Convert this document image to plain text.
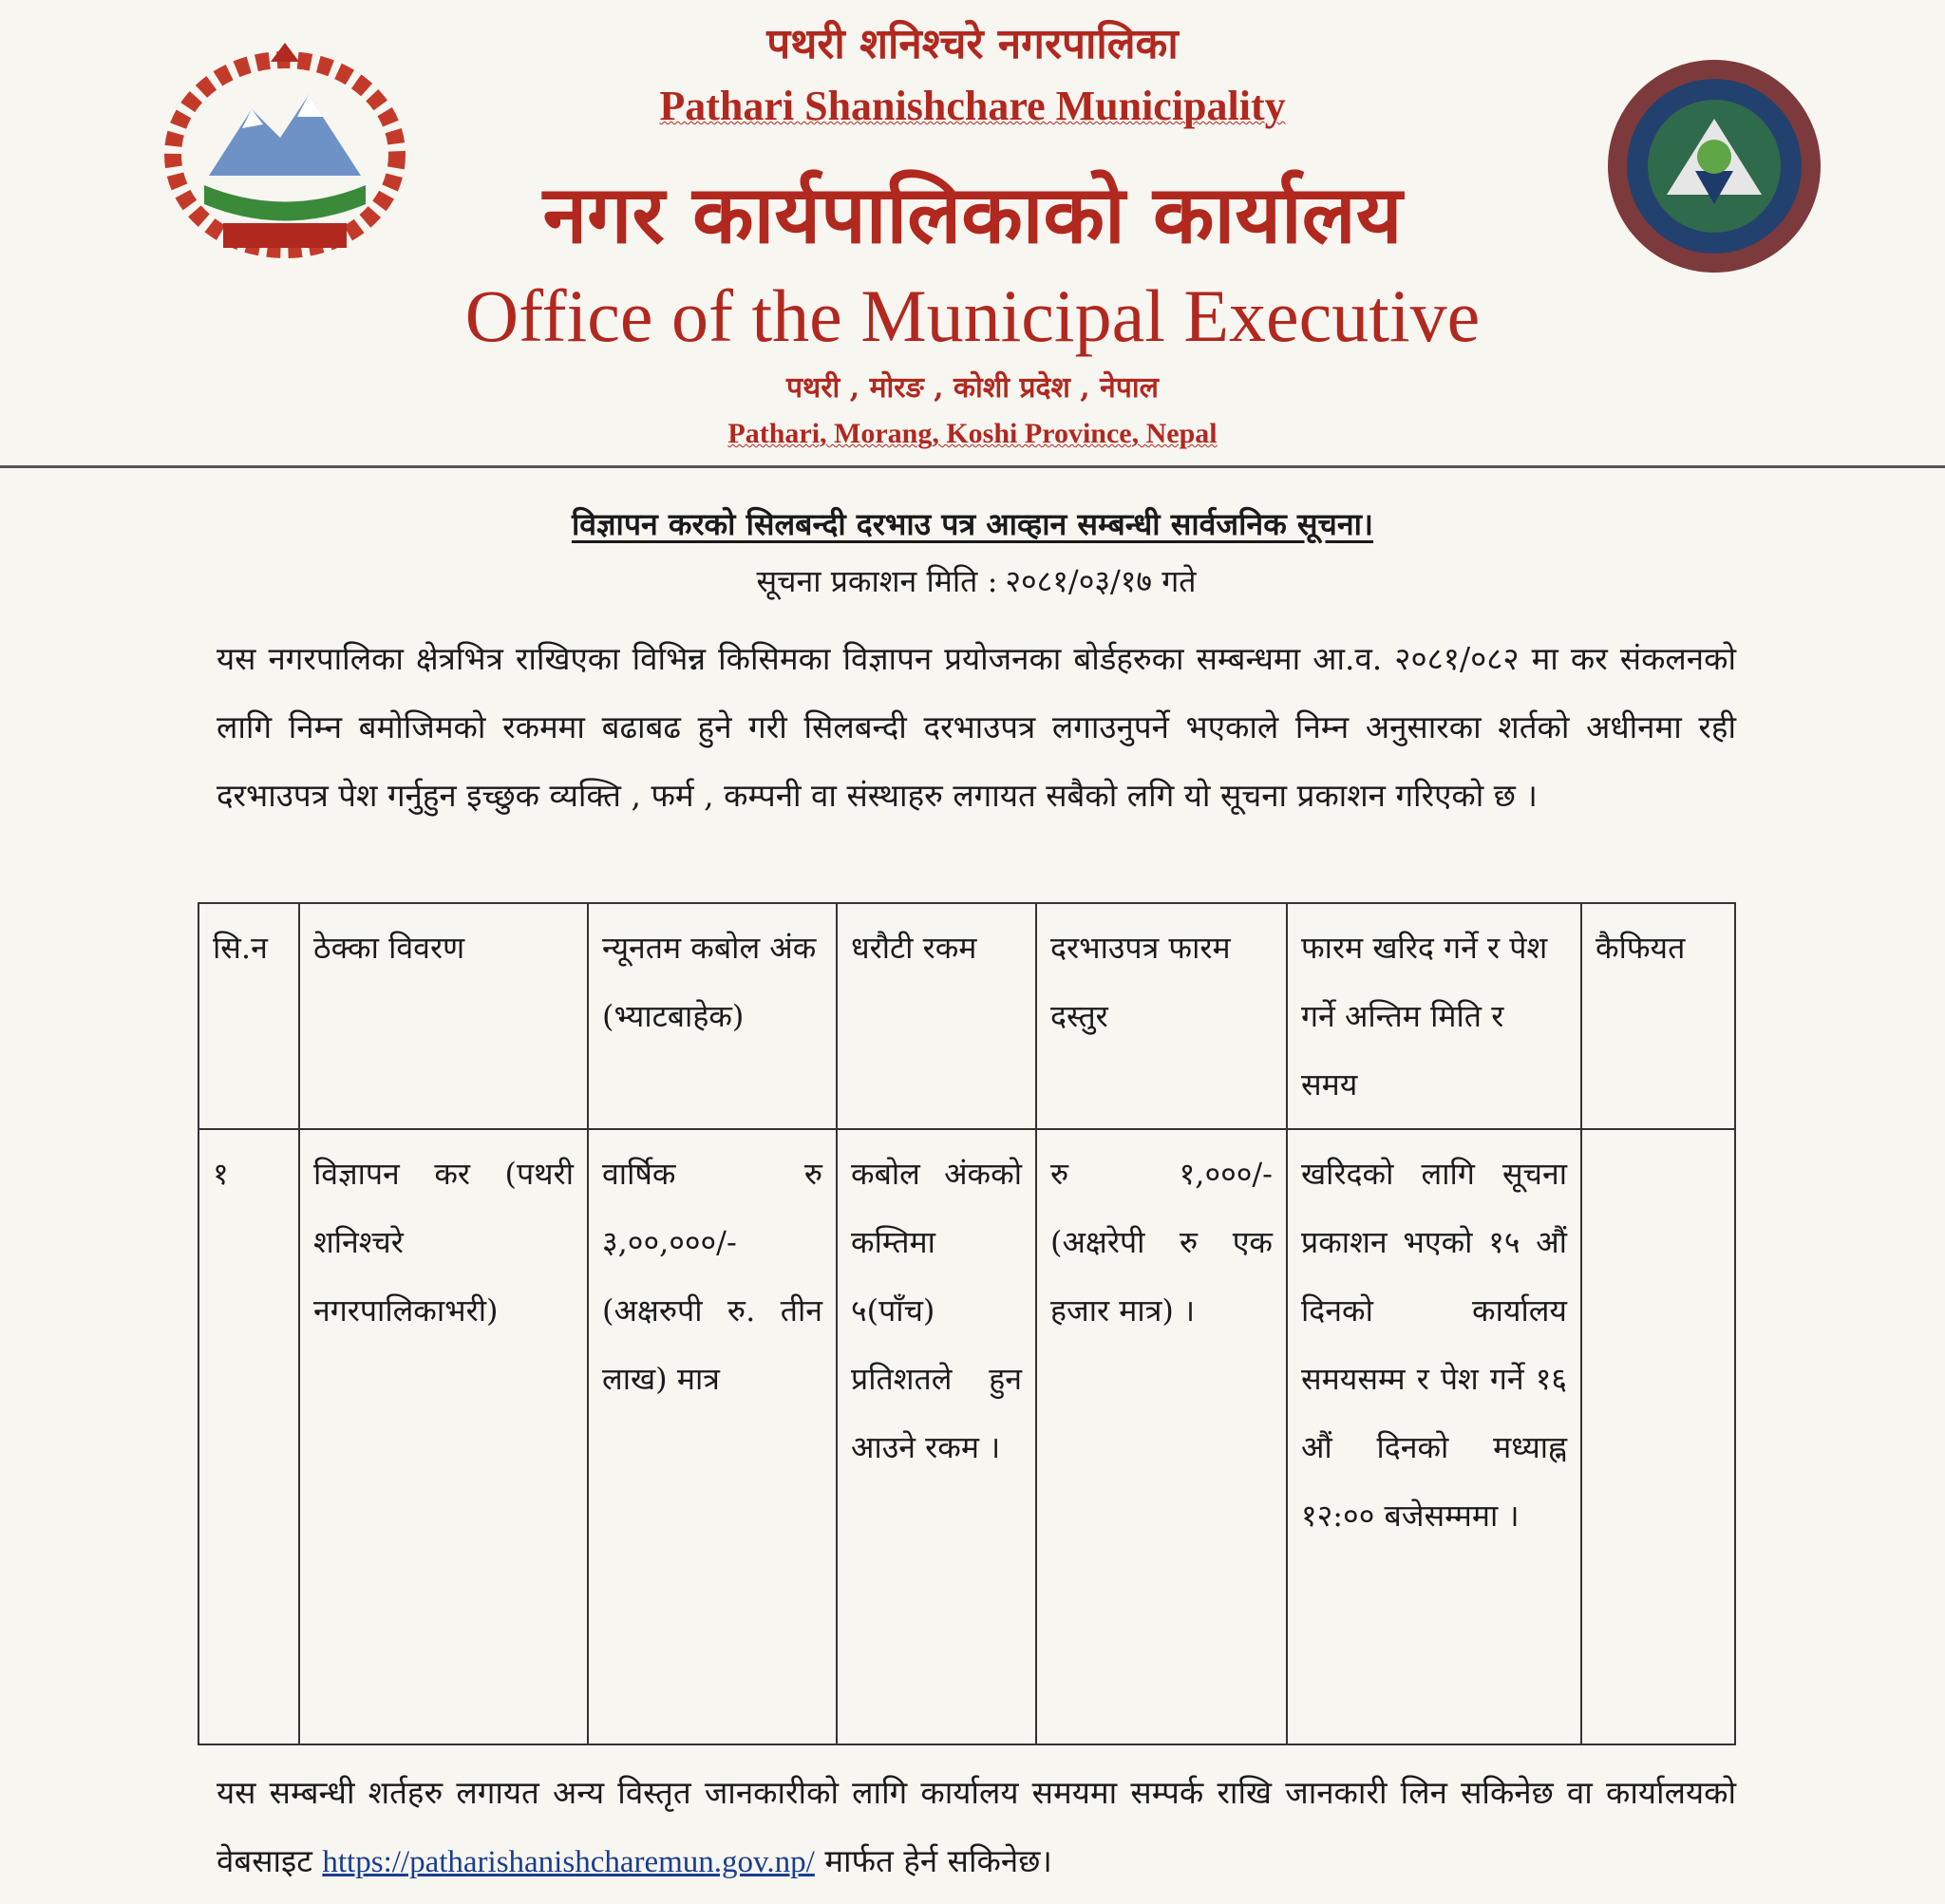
पथरी शनिश्चरे नगरपालिका
Pathari Shanishchare Municipality
नगर कार्यपालिकाको कार्यालय
Office of the Municipal Executive
पथरी , मोरङ , कोशी प्रदेश , नेपाल
Pathari, Morang, Koshi Province, Nepal
विज्ञापन करको सिलबन्दी दरभाउ पत्र आव्हान सम्बन्धी सार्वजनिक सूचना।
सूचना प्रकाशन मिति : २०८१/०३/१७ गते
यस नगरपालिका क्षेत्रभित्र राखिएका विभिन्न किसिमका विज्ञापन प्रयोजनका बोर्डहरुका सम्बन्धमा आ.व. २०८१/०८२ मा कर संकलनको लागि निम्न बमोजिमको रकममा बढाबढ हुने गरी सिलबन्दी दरभाउपत्र लगाउनुपर्ने भएकाले निम्न अनुसारका शर्तको अधीनमा रही दरभाउपत्र पेश गर्नुहुन इच्छुक व्यक्ति , फर्म , कम्पनी वा संस्थाहरु लगायत सबैको लगि यो सूचना प्रकाशन गरिएको छ ।
सि.न	ठेक्का विवरण	न्यूनतम कबोल अंक (भ्याटबाहेक)	धरौटी रकम	दरभाउपत्र फारम दस्तुर	फारम खरिद गर्ने र पेश गर्ने अन्तिम मिति र समय	कैफियत
१	विज्ञापन कर (पथरी शनिश्चरे नगरपालिकाभरी)	वार्षिक रु ३,००,०००/- (अक्षरुपी रु. तीन लाख) मात्र	कबोल अंकको कम्तिमा ५(पाँच) प्रतिशतले हुन आउने रकम ।	रु १,०००/- (अक्षरेपी रु एक हजार मात्र) ।	खरिदको लागि सूचना प्रकाशन भएको १५ औं दिनको कार्यालय समयसम्म र पेश गर्ने १६ औं दिनको मध्याह्न १२:०० बजेसम्ममा ।	
यस सम्बन्धी शर्तहरु लगायत अन्य विस्तृत जानकारीको लागि कार्यालय समयमा सम्पर्क राखि जानकारी लिन सकिनेछ वा कार्यालयको वेबसाइट https://patharishanishcharemun.gov.np/ मार्फत हेर्न सकिनेछ।
